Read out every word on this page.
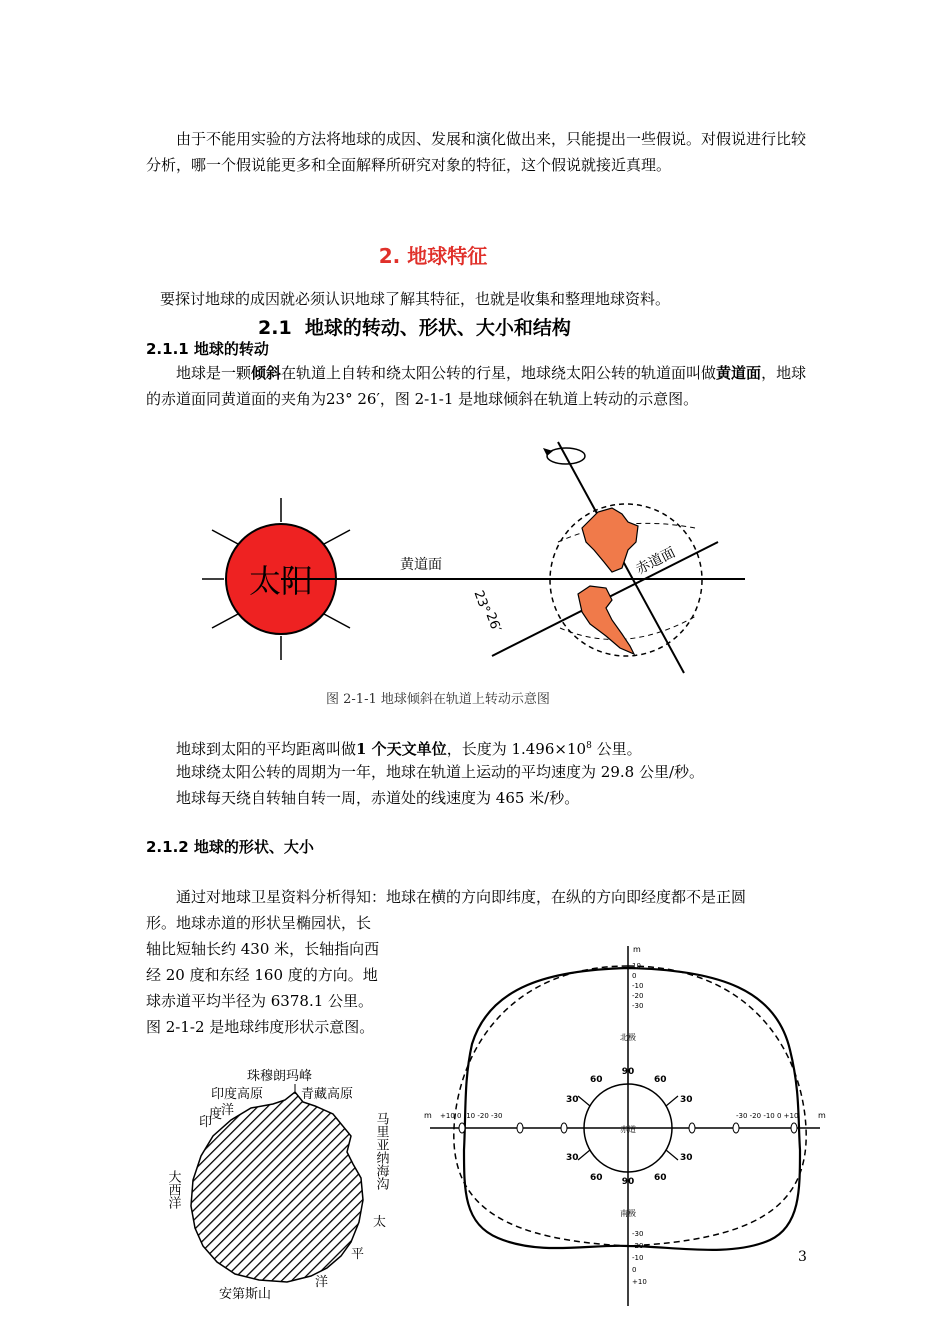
由于不能用实验的方法将地球的成因、发展和演化做出来，只能提出一些假说。对假说进行比较分析，哪一个假说能更多和全面解释所研究对象的特征，这个假说就接近真理。
2. 地球特征
要探讨地球的成因就必须认识地球了解其特征，也就是收集和整理地球资料。
2.1 地球的转动、形状、大小和结构
2.1.1 地球的转动
地球是一颗倾斜在轨道上自转和绕太阳公转的行星，地球绕太阳公转的轨道面叫做黄道面，地球的赤道面同黄道面的夹角为23° 26′，图 2-1-1 是地球倾斜在轨道上转动的示意图。
太阳	黄道面	赤道面
23°
26′
图 2-1-1 地球倾斜在轨道上转动示意图
地球到太阳的平均距离叫做1 个天文单位，长度为 $1.496\times 10^8$ 公里。
地球绕太阳公转的周期为一年，地球在轨道上运动的平均速度为 29.8 公里/秒。
地球每天绕自转轴自转一周，赤道处的线速度为 465 米/秒。
2.1.2 地球的形状、大小
通过对地球卫星资料分析得知：地球在横的方向即纬度，在纵的方向即经度都不是正圆
形。地球赤道的形状呈椭园状，长
轴比短轴长约 430 米，长轴指向西
经 20 度和东经 160 度的方向。地
球赤道平均半径为 6378.1 公里。
图 2-1-2 是地球纬度形状示意图。
珠穆朗玛峰
印度高原	青藏高原
度
洋
印	马里亚纳海沟
大西洋
太
平
洋
安第斯山
赤道
90
60	60
30	30
30	30
60	60
90
m
m	m
+10 0 -10 -20 -30	-30 -20 -10 0 +10
10
0
-10
-20
-30
北极
南极
-30
-20
-10
0
+10
3
